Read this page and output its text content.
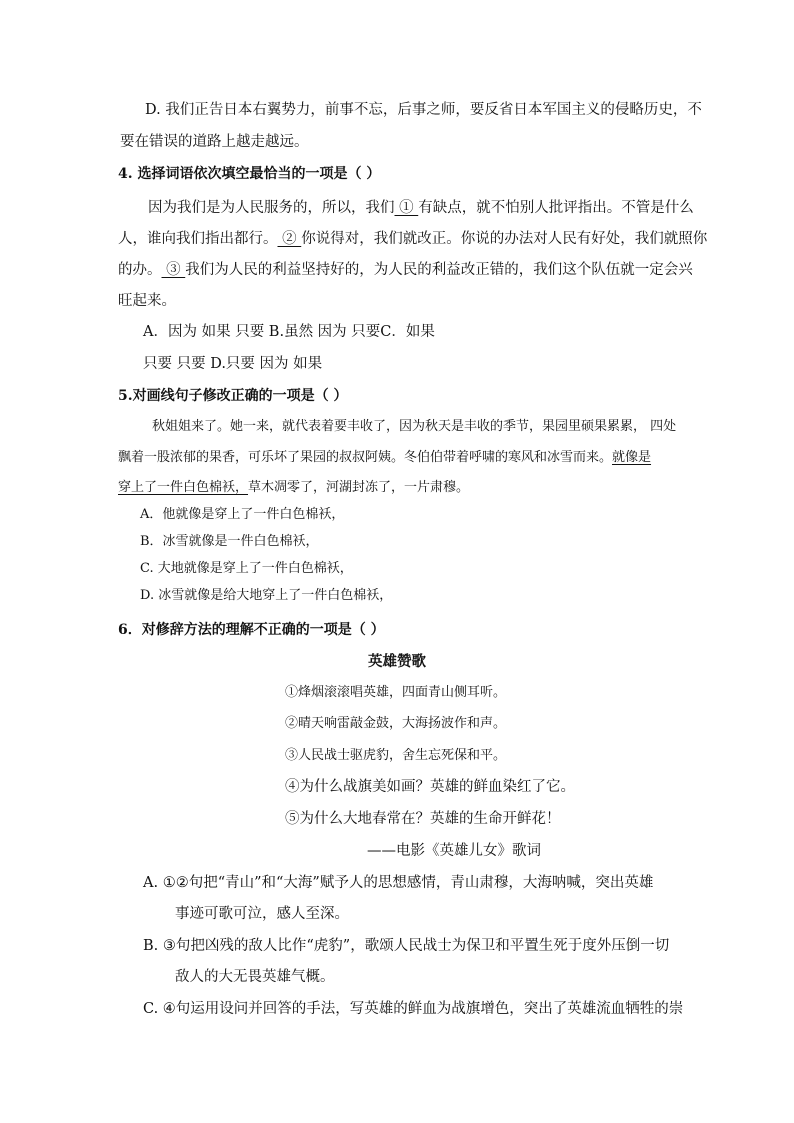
D. 我们正告日本右翼势力，前事不忘，后事之师，要反省日本军国主义的侵略历史，不
要在错误的道路上越走越远。
4. 选择词语依次填空最恰当的一项是（ ）
因为我们是为人民服务的，所以，我们 ① 有缺点，就不怕别人批评指出。不管是什么
人，谁向我们指出都行。 ② 你说得对，我们就改正。你说的办法对人民有好处，我们就照你
的办。 ③ 我们为人民的利益坚持好的，为人民的利益改正错的，我们这个队伍就一定会兴
旺起来。
A．因为 如果 只要 B.虽然 因为 只要C．如果
只要 只要 D.只要 因为 如果
5.对画线句子修改正确的一项是（ ）
秋姐姐来了。她一来，就代表着要丰收了，因为秋天是丰收的季节，果园里硕果累累， 四处
飘着一股浓郁的果香，可乐坏了果园的叔叔阿姨。冬伯伯带着呼啸的寒风和冰雪而来。就像是
穿上了一件白色棉袄，草木凋零了，河湖封冻了，一片肃穆。
A．他就像是穿上了一件白色棉袄，
B．冰雪就像是一件白色棉袄，
C. 大地就像是穿上了一件白色棉袄，
D. 冰雪就像是给大地穿上了一件白色棉袄，
6．对修辞方法的理解不正确的一项是（ ）
英雄赞歌
①烽烟滚滚唱英雄，四面青山侧耳听。
②晴天响雷敲金鼓，大海扬波作和声。
③人民战士驱虎豹，舍生忘死保和平。
④为什么战旗美如画？英雄的鲜血染红了它。
⑤为什么大地春常在？英雄的生命开鲜花！
——电影《英雄儿女》歌词
A. ①②句把“青山”和“大海”赋予人的思想感情，青山肃穆，大海呐喊，突出英雄
事迹可歌可泣，感人至深。
B. ③句把凶残的敌人比作“虎豹”，歌颂人民战士为保卫和平置生死于度外压倒一切
敌人的大无畏英雄气概。
C. ④句运用设问并回答的手法，写英雄的鲜血为战旗增色，突出了英雄流血牺牲的崇
